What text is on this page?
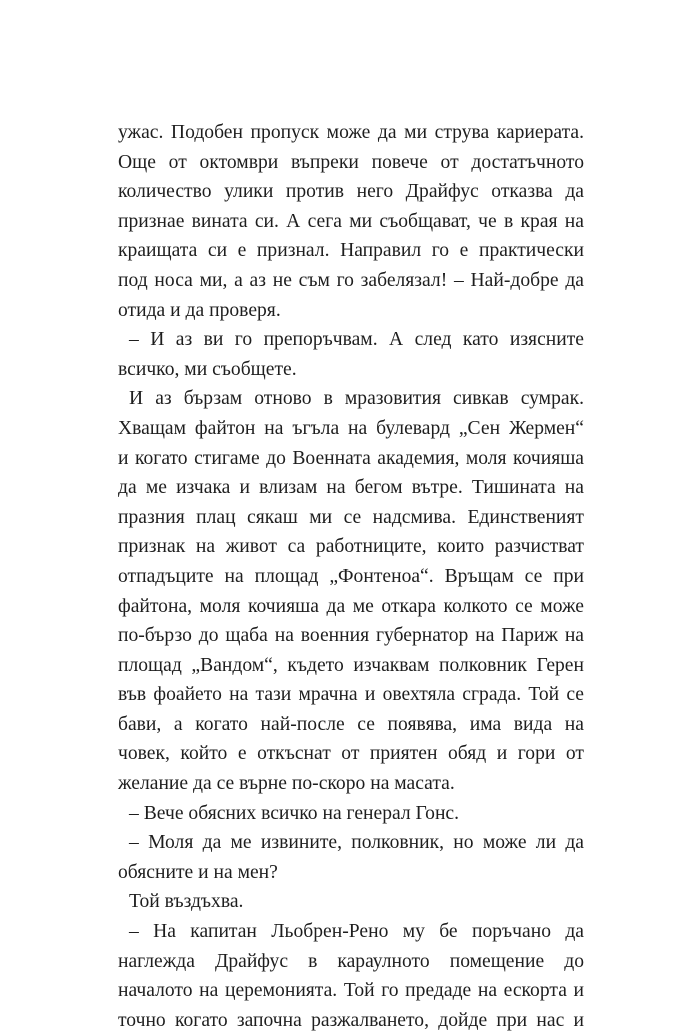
ужас. Подобен пропуск може да ми струва кариерата.
Още от октомври въпреки повече от достатъчното
количество улики против него Драйфус отказва да
признае вината си. А сега ми съобщават, че в края на
краищата си е признал. Направил го е практически
под носа ми, а аз не съм го забелязал! – Най-добре да
отида и да проверя.
– И аз ви го препоръчвам. А след като изясните
всичко, ми съобщете.
И аз бързам отново в мразовития сивкав сумрак.
Хващам файтон на ъгъла на булевард „Сен Жермен“
и когато стигаме до Военната академия, моля кочияша
да ме изчака и влизам на бегом вътре. Тишината на
празния плац сякаш ми се надсмива. Единственият
признак на живот са работниците, които разчистват
отпадъците на площад „Фонтеноа“. Връщам се при
файтона, моля кочияша да ме откара колкото се може
по-бързо до щаба на военния губернатор на Париж на
площад „Вандом“, където изчаквам полковник Герен
във фоайето на тази мрачна и овехтяла сграда. Той се
бави, а когато най-после се появява, има вида на
човек, който е откъснат от приятен обяд и гори от
желание да се върне по-скоро на масата.
– Вече обясних всичко на генерал Гонс.
– Моля да ме извините, полковник, но може ли да
обясните и на мен?
Той въздъхва.
– На капитан Льобрен-Рено му бе поръчано да
наглежда Драйфус в караулното помещение до
началото на церемонията. Той го предаде на ескорта и
точно когато започна разжалването, дойде при нас и
